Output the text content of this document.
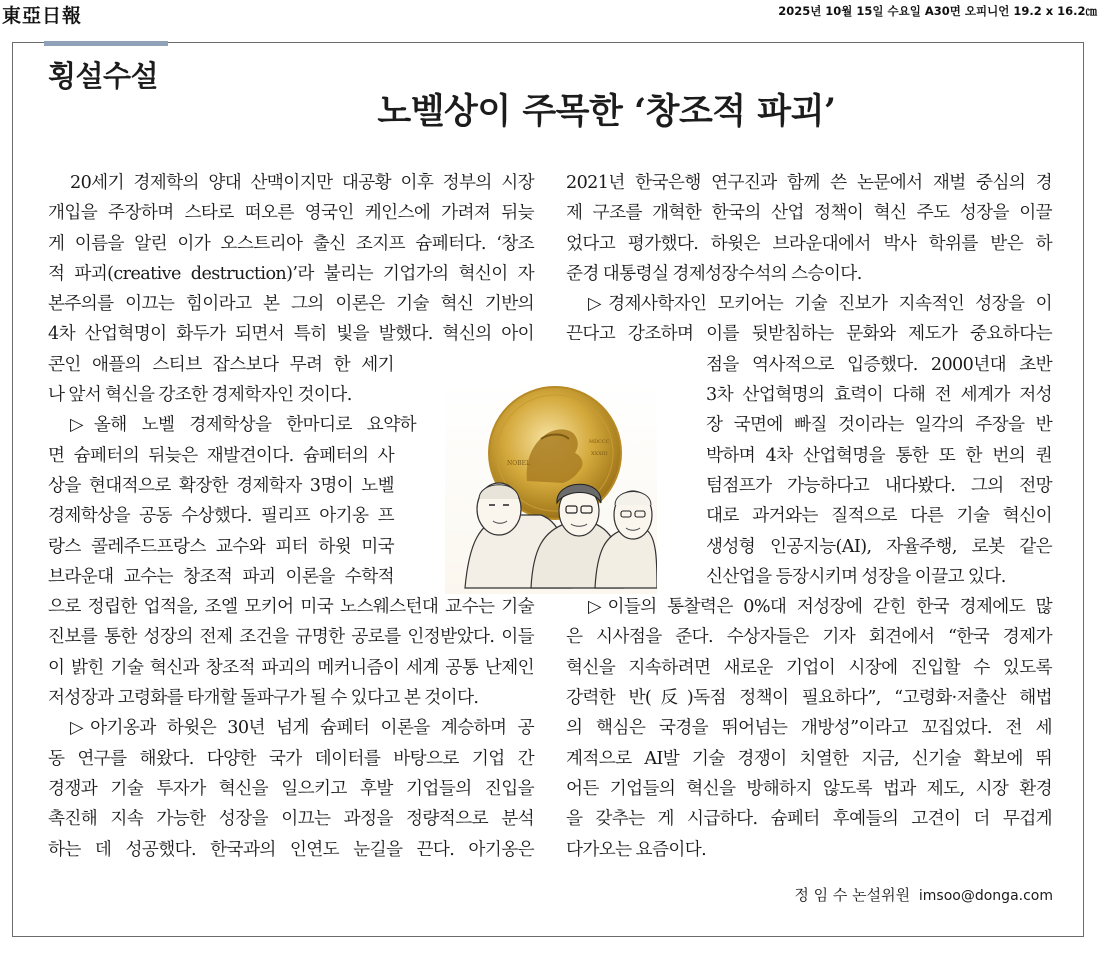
東亞日報	2025년 10월 15일 수요일 A30면 오피니언 19.2 x 16.2㎝
횡설수설
노벨상이 주목한 ‘창조적 파괴’
20세기 경제학의 양대 산맥이지만 대공황 이후 정부의 시장
개입을 주장하며 스타로 떠오른 영국인 케인스에 가려져 뒤늦
게 이름을 알린 이가 오스트리아 출신 조지프 슘페터다. ‘창조
적 파괴(creative destruction)’라 불리는 기업가의 혁신이 자
본주의를 이끄는 힘이라고 본 그의 이론은 기술 혁신 기반의
4차 산업혁명이 화두가 되면서 특히 빛을 발했다. 혁신의 아이
콘인 애플의 스티브 잡스보다 무려 한 세기
나 앞서 혁신을 강조한 경제학자인 것이다.
▷올해 노벨 경제학상을 한마디로 요약하
면 슘페터의 뒤늦은 재발견이다. 슘페터의 사
상을 현대적으로 확장한 경제학자 3명이 노벨
경제학상을 공동 수상했다. 필리프 아기옹 프
랑스 콜레주드프랑스 교수와 피터 하윗 미국
브라운대 교수는 창조적 파괴 이론을 수학적
으로 정립한 업적을, 조엘 모키어 미국 노스웨스턴대 교수는 기술
진보를 통한 성장의 전제 조건을 규명한 공로를 인정받았다. 이들
이 밝힌 기술 혁신과 창조적 파괴의 메커니즘이 세계 공통 난제인
저성장과 고령화를 타개할 돌파구가 될 수 있다고 본 것이다.
▷아기옹과 하윗은 30년 넘게 슘페터 이론을 계승하며 공
동 연구를 해왔다. 다양한 국가 데이터를 바탕으로 기업 간
경쟁과 기술 투자가 혁신을 일으키고 후발 기업들의 진입을
촉진해 지속 가능한 성장을 이끄는 과정을 정량적으로 분석
하는 데 성공했다. 한국과의 인연도 눈길을 끈다. 아기옹은
2021년 한국은행 연구진과 함께 쓴 논문에서 재벌 중심의 경
제 구조를 개혁한 한국의 산업 정책이 혁신 주도 성장을 이끌
었다고 평가했다. 하윗은 브라운대에서 박사 학위를 받은 하
준경 대통령실 경제성장수석의 스승이다.
▷경제사학자인 모키어는 기술 진보가 지속적인 성장을 이
끈다고 강조하며 이를 뒷받침하는 문화와 제도가 중요하다는
점을 역사적으로 입증했다. 2000년대 초반
3차 산업혁명의 효력이 다해 전 세계가 저성
장 국면에 빠질 것이라는 일각의 주장을 반
박하며 4차 산업혁명을 통한 또 한 번의 퀀
텀점프가 가능하다고 내다봤다. 그의 전망
대로 과거와는 질적으로 다른 기술 혁신이
생성형 인공지능(AI), 자율주행, 로봇 같은
신산업을 등장시키며 성장을 이끌고 있다.
▷이들의 통찰력은 0%대 저성장에 갇힌 한국 경제에도 많
은 시사점을 준다. 수상자들은 기자 회견에서 “한국 경제가
혁신을 지속하려면 새로운 기업이 시장에 진입할 수 있도록
강력한 반(反)독점 정책이 필요하다”, “고령화·저출산 해법
의 핵심은 국경을 뛰어넘는 개방성”이라고 꼬집었다. 전 세
계적으로 AI발 기술 경쟁이 치열한 지금, 신기술 확보에 뛰
어든 기업들의 혁신을 방해하지 않도록 법과 제도, 시장 환경
을 갖추는 게 시급하다. 슘페터 후예들의 고견이 더 무겁게
다가오는 요즘이다.
NOBEL
MDCCC
XXXIII
정 임 수 논설위원 imsoo@donga.com
